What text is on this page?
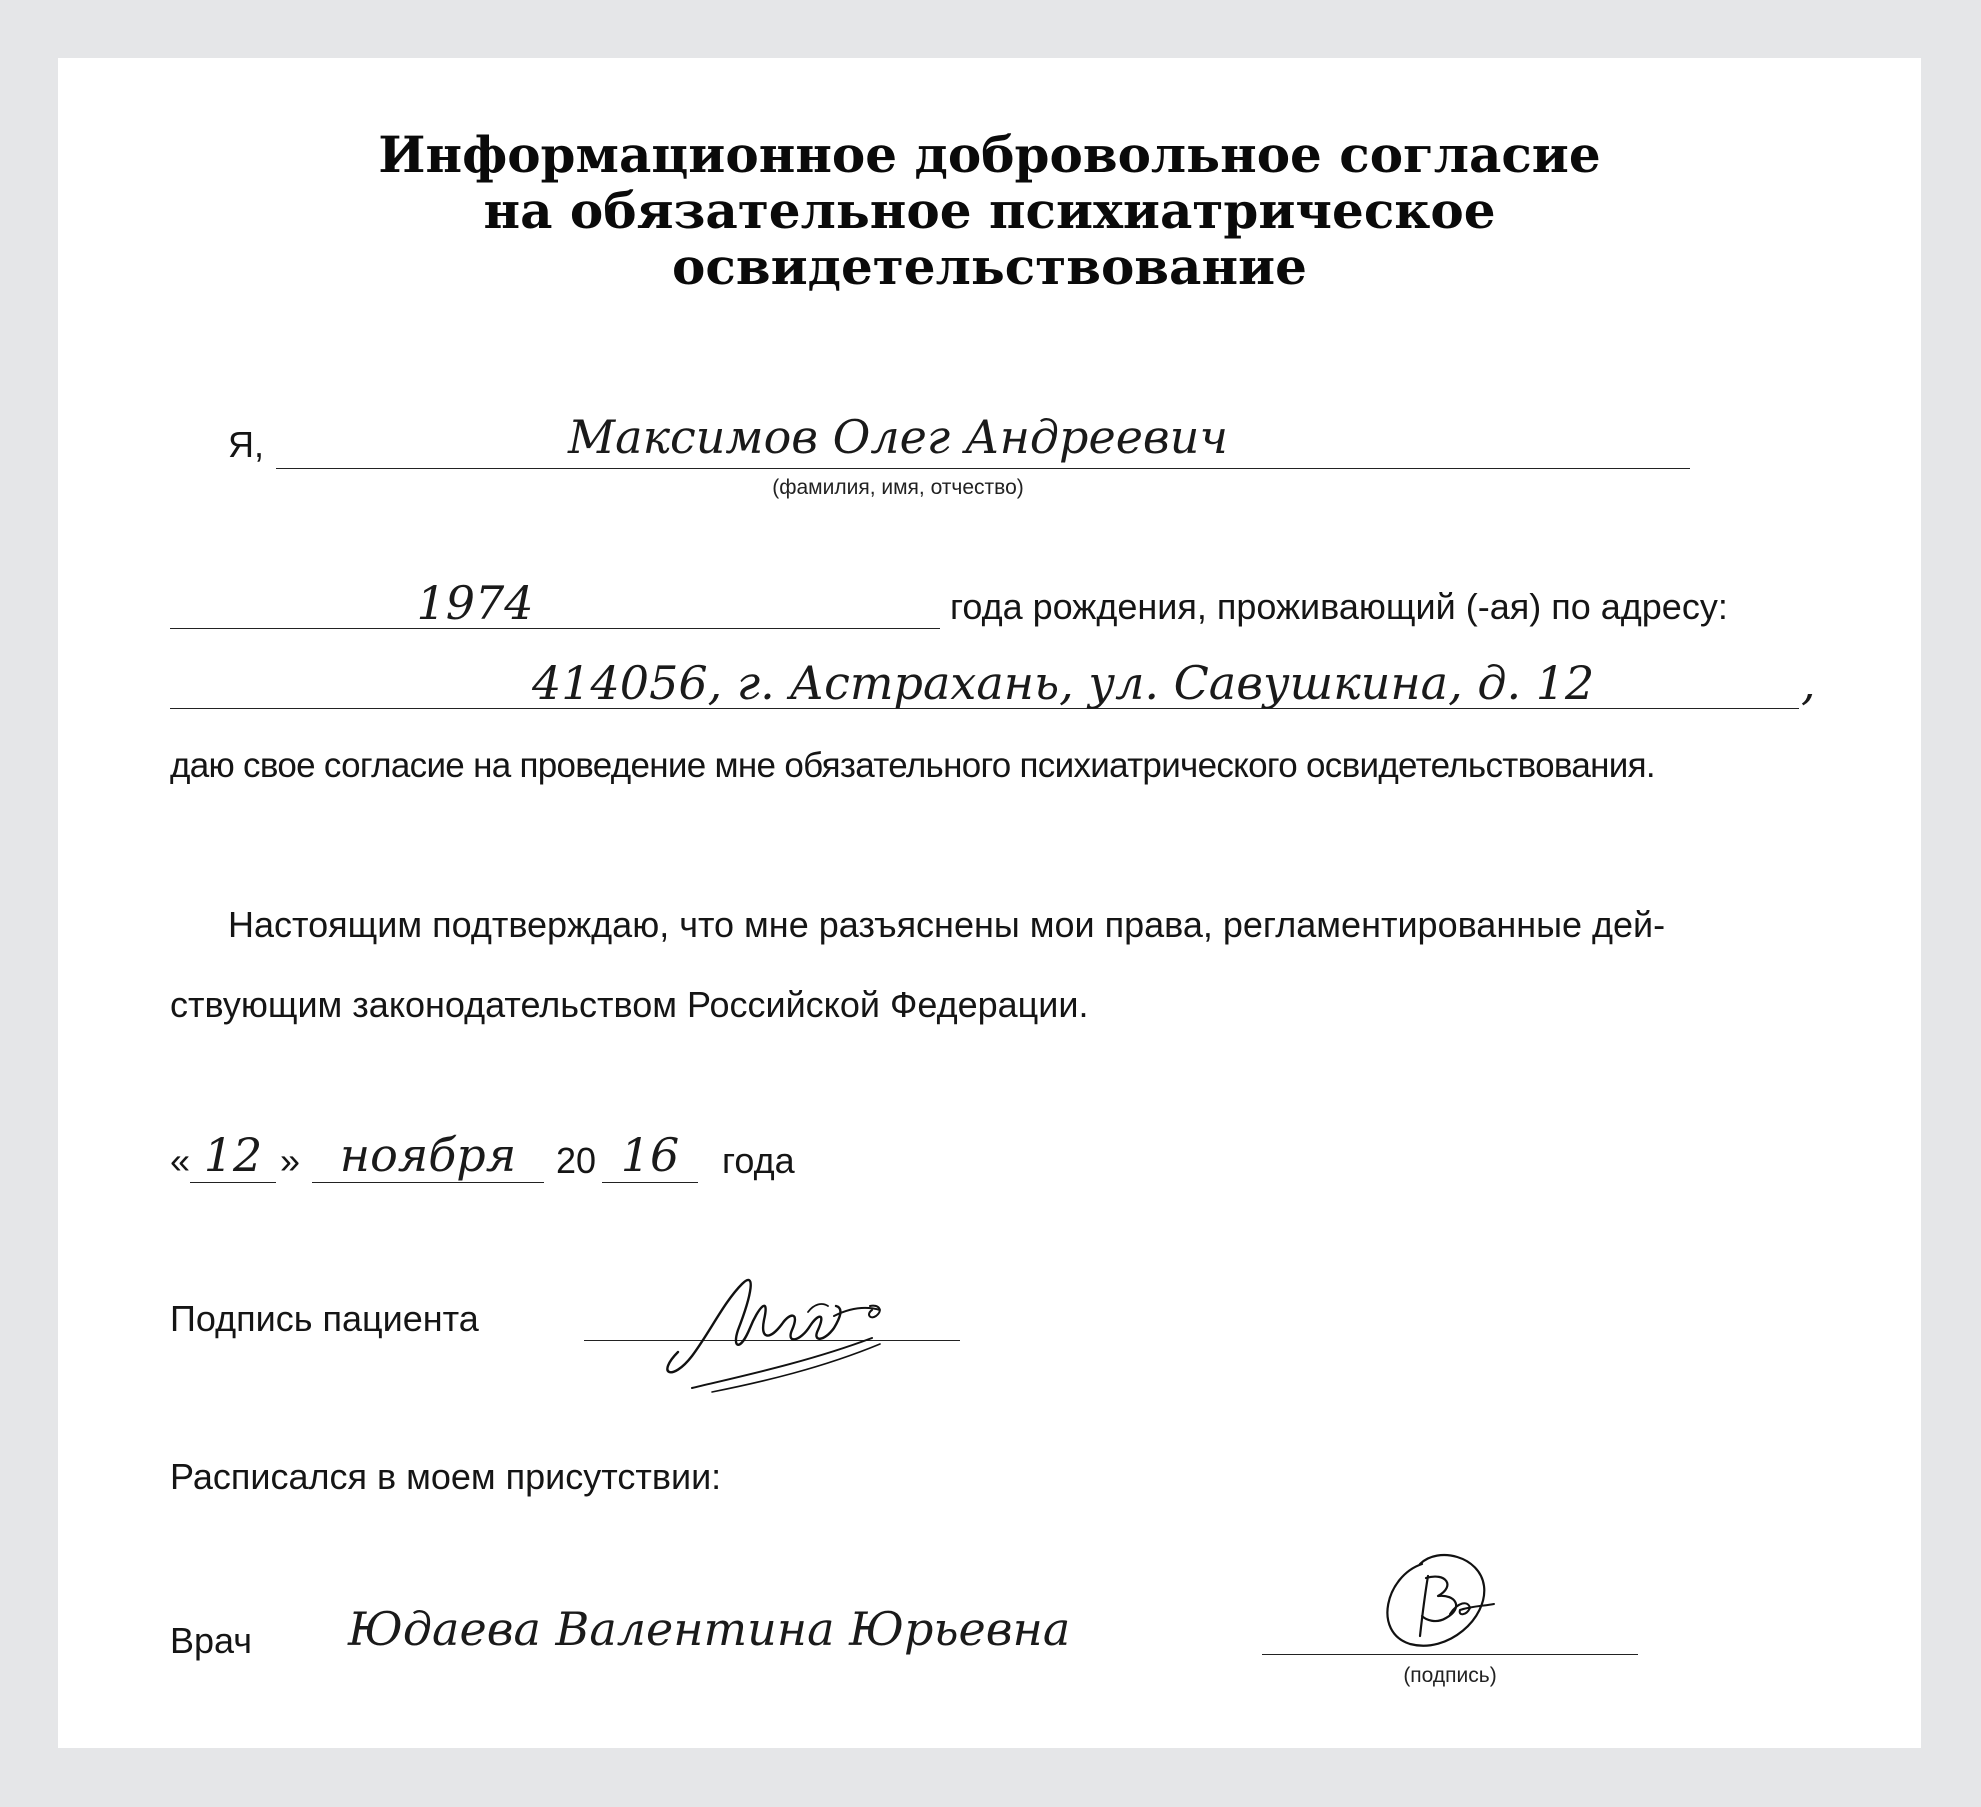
Информационное добровольное согласие
на обязательное психиатрическое
освидетельствование
Я,	Максимов Олег Андреевич
(фамилия, имя, отчество)
1974	года рождения, проживающий (-ая) по адресу:
414056, г. Астрахань, ул. Савушкина, д. 12	,
даю свое согласие на проведение мне обязательного психиатрического освидетельствования.
Настоящим подтверждаю, что мне разъяснены мои права, регламентированные дей-
ствующим законодательством Российской Федерации.
« 12 » ноября	20 16	года
Подпись пациента
Расписался в моем присутствии:
Врач Юдаева Валентина Юрьевна
(подпись)
